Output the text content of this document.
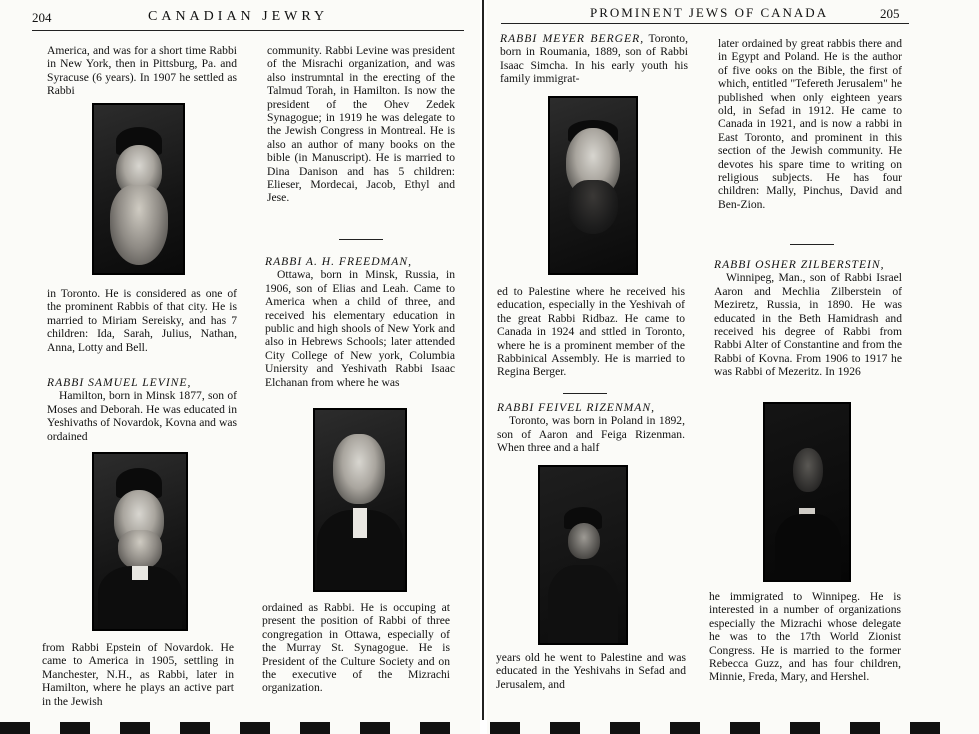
204	CANADIAN JEWRY

America, and was for a short time Rabbi in New York, then in Pittsburg, Pa. and Syracuse (6 years). In 1907 he settled as Rabbi

in Toronto. He is considered as one of the prominent Rabbis of that city. He is married to Miriam Sereisky, and has 7 children: Ida, Sarah, Julius, Nathan, Anna, Lotty and Bell.

RABBI SAMUEL LEVINE,

Hamilton, born in Minsk 1877, son of Moses and Deborah. He was educated in Yeshivaths of Novardok, Kovna and was ordained

from Rabbi Epstein of Novardok. He came to America in 1905, settling in Manchester, N.H., as Rabbi, later in Hamilton, where he plays an active part in the Jewish

community. Rabbi Levine was president of the Misrachi organization, and was also instrumntal in the erecting of the Talmud Torah, in Hamilton. Is now the president of the Ohev Zedek Synagogue; in 1919 he was delegate to the Jewish Congress in Montreal. He is also an author of many books on the bible (in Manuscript). He is married to Dina Danison and has 5 children: Elieser, Mordecai, Jacob, Ethyl and Jese.

RABBI A. H. FREEDMAN,

Ottawa, born in Minsk, Russia, in 1906, son of Elias and Leah. Came to America when a child of three, and received his elementary education in public and high shools of New York and also in Hebrews Schools; later attended City College of New york, Columbia Uniersity and Yeshivath Rabbi Isaac Elchanan from where he was

ordained as Rabbi. He is occuping at present the position of Rabbi of three congregation in Ottawa, especially of the Murray St. Synagogue. He is President of the Culture Society and on the executive of the Mizrachi organization.

PROMINENT JEWS OF CANADA	205

RABBI MEYER BERGER,

Toronto, born in Roumania, 1889, son of Rabbi Isaac Simcha. In his early youth his family immigrat-

ed to Palestine where he received his education, especially in the Yeshivah of the great Rabbi Ridbaz. He came to Canada in 1924 and sttled in Toronto, where he is a prominent member of the Rabbinical Assembly. He is married to Regina Berger.

RABBI FEIVEL RIZENMAN,

Toronto, was born in Poland in 1892, son of Aaron and Feiga Rizenman. When three and a half

years old he went to Palestine and was educated in the Yeshivahs in Sefad and Jerusalem, and

later ordained by great rabbis there and in Egypt and Poland. He is the author of five ooks on the Bible, the first of which, entitled "Tefereth Jerusalem" he published when only eighteen years old, in Sefad in 1912. He came to Canada in 1921, and is now a rabbi in East Toronto, and prominent in this section of the Jewish community. He devotes his spare time to writing on religious subjects. He has four children: Mally, Pinchus, David and Ben-Zion.

RABBI OSHER ZILBERSTEIN,

Winnipeg, Man., son of Rabbi Israel Aaron and Mechlia Zilberstein of Meziretz, Russia, in 1890. He was educated in the Beth Hamidrash and received his degree of Rabbi from Rabbi Alter of Constantine and from the Rabbi of Kovna. From 1906 to 1917 he was Rabbi of Mezeritz. In 1926

he immigrated to Winnipeg. He is interested in a number of organizations especially the Mizrachi whose delegate he was to the 17th World Zionist Congress. He is married to the former Rebecca Guzz, and has four children, Minnie, Freda, Mary, and Hershel.
